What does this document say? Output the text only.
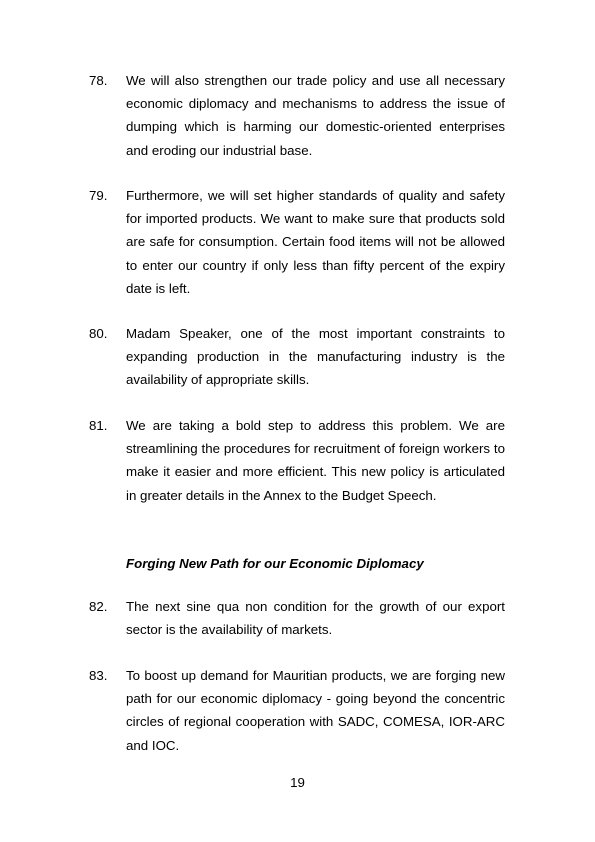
78. We will also strengthen our trade policy and use all necessary economic diplomacy and mechanisms to address the issue of dumping which is harming our domestic-oriented enterprises and eroding our industrial base.
79. Furthermore, we will set higher standards of quality and safety for imported products. We want to make sure that products sold are safe for consumption. Certain food items will not be allowed to enter our country if only less than fifty percent of the expiry date is left.
80. Madam Speaker, one of the most important constraints to expanding production in the manufacturing industry is the availability of appropriate skills.
81. We are taking a bold step to address this problem. We are streamlining the procedures for recruitment of foreign workers to make it easier and more efficient. This new policy is articulated in greater details in the Annex to the Budget Speech.
Forging New Path for our Economic Diplomacy
82. The next sine qua non condition for the growth of our export sector is the availability of markets.
83. To boost up demand for Mauritian products, we are forging new path for our economic diplomacy - going beyond the concentric circles of regional cooperation with SADC, COMESA, IOR-ARC and IOC.
19
